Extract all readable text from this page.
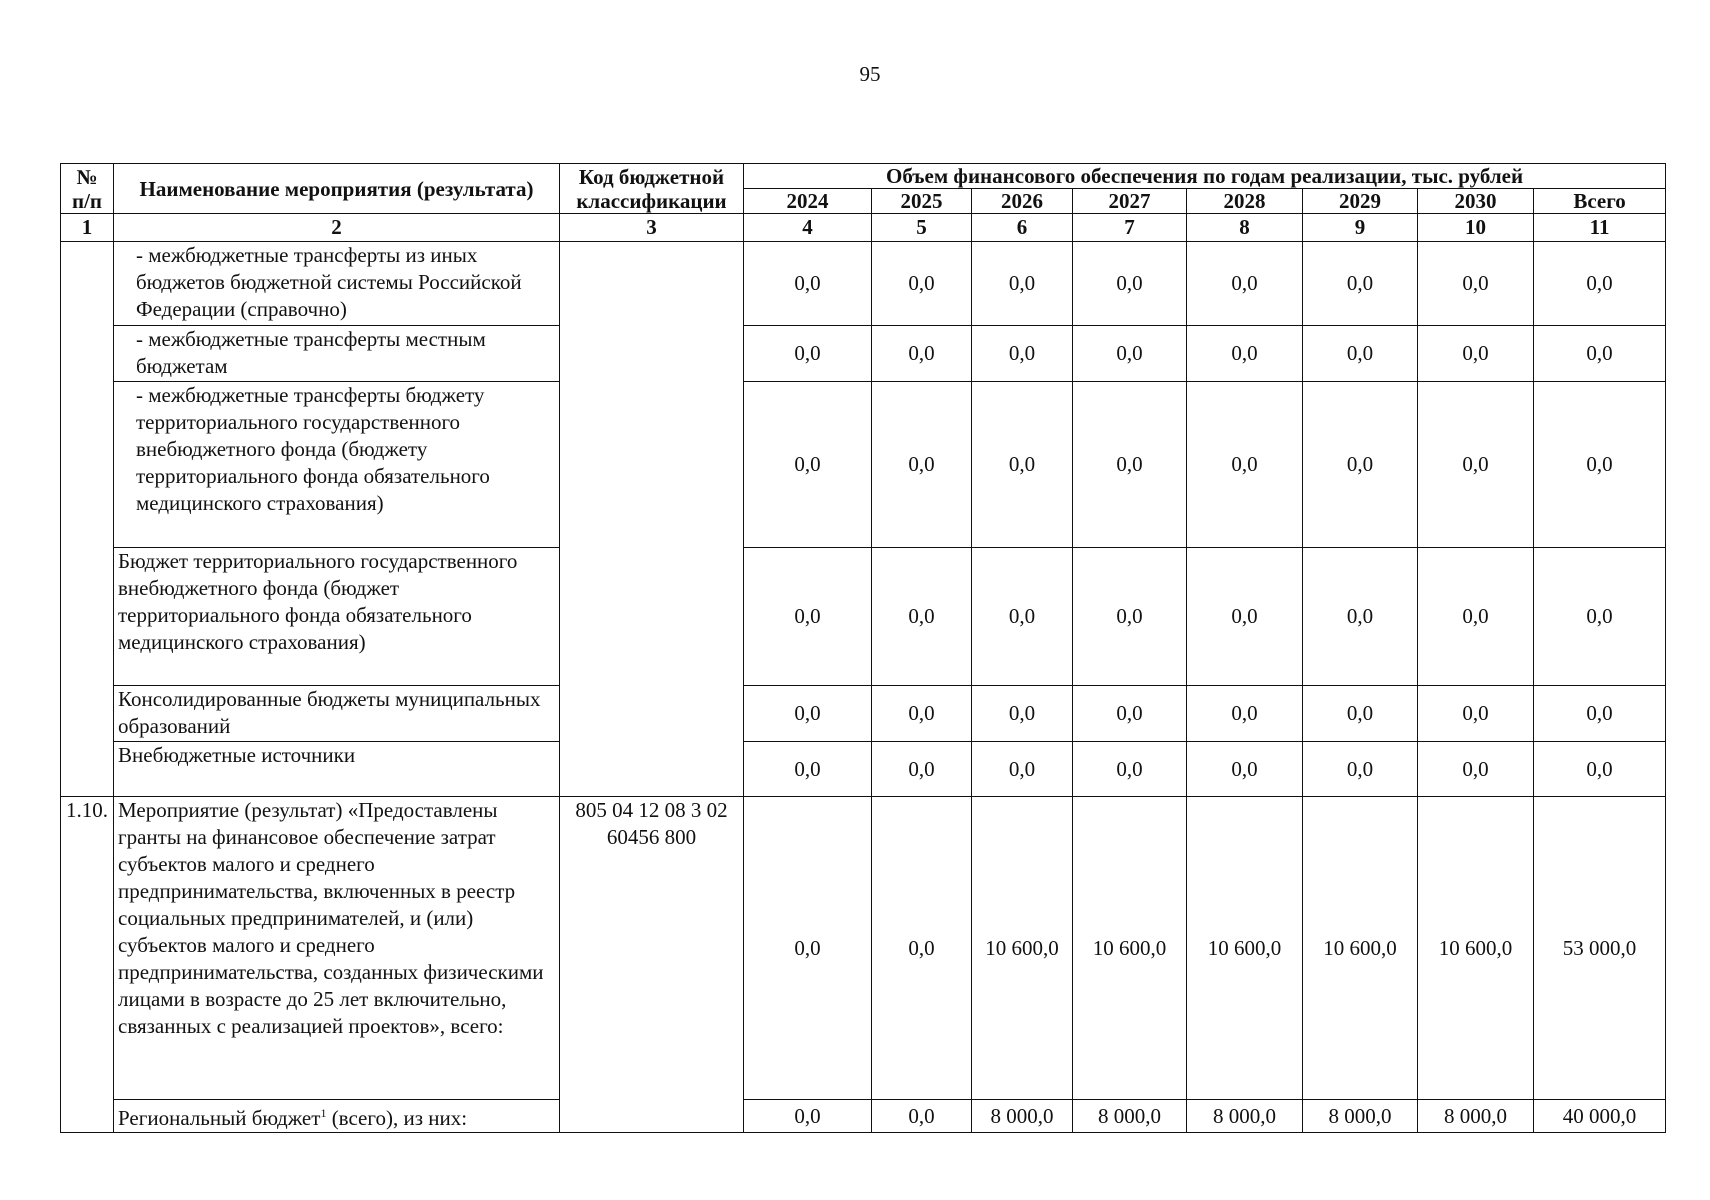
95
№ п/п	Наименование мероприятия (результата)	Код бюджетной классификации	Объем финансового обеспечения по годам реализации, тыс. рублей							
			2024	2025	2026	2027	2028	2029	2030	Всего
1	2	3	4	5	6	7	8	9	10	11
	- межбюджетные трансферты из иных бюджетов бюджетной системы Российской Федерации (справочно)		0,0	0,0	0,0	0,0	0,0	0,0	0,0	0,0
	- межбюджетные трансферты местным бюджетам		0,0	0,0	0,0	0,0	0,0	0,0	0,0	0,0
	- межбюджетные трансферты бюджету территориального государственного внебюджетного фонда (бюджету территориального фонда обязательного медицинского страхования)		0,0	0,0	0,0	0,0	0,0	0,0	0,0	0,0
	Бюджет территориального государственного внебюджетного фонда (бюджет территориального фонда обязательного медицинского страхования)		0,0	0,0	0,0	0,0	0,0	0,0	0,0	0,0
	Консолидированные бюджеты муниципальных образований		0,0	0,0	0,0	0,0	0,0	0,0	0,0	0,0
	Внебюджетные источники		0,0	0,0	0,0	0,0	0,0	0,0	0,0	0,0
1.10.	Мероприятие (результат) «Предоставлены гранты на финансовое обеспечение затрат субъектов малого и среднего предпринимательства, включенных в реестр социальных предпринимателей, и (или) субъектов малого и среднего предпринимательства, созданных физическими лицами в возрасте до 25 лет включительно, связанных с реализацией проектов», всего:	805 04 12 08 3 02 60456 800	0,0	0,0	10 600,0	10 600,0	10 600,0	10 600,0	10 600,0	53 000,0
	Региональный бюджет$^1$ (всего), из них:		0,0	0,0	8 000,0	8 000,0	8 000,0	8 000,0	8 000,0	40 000,0
